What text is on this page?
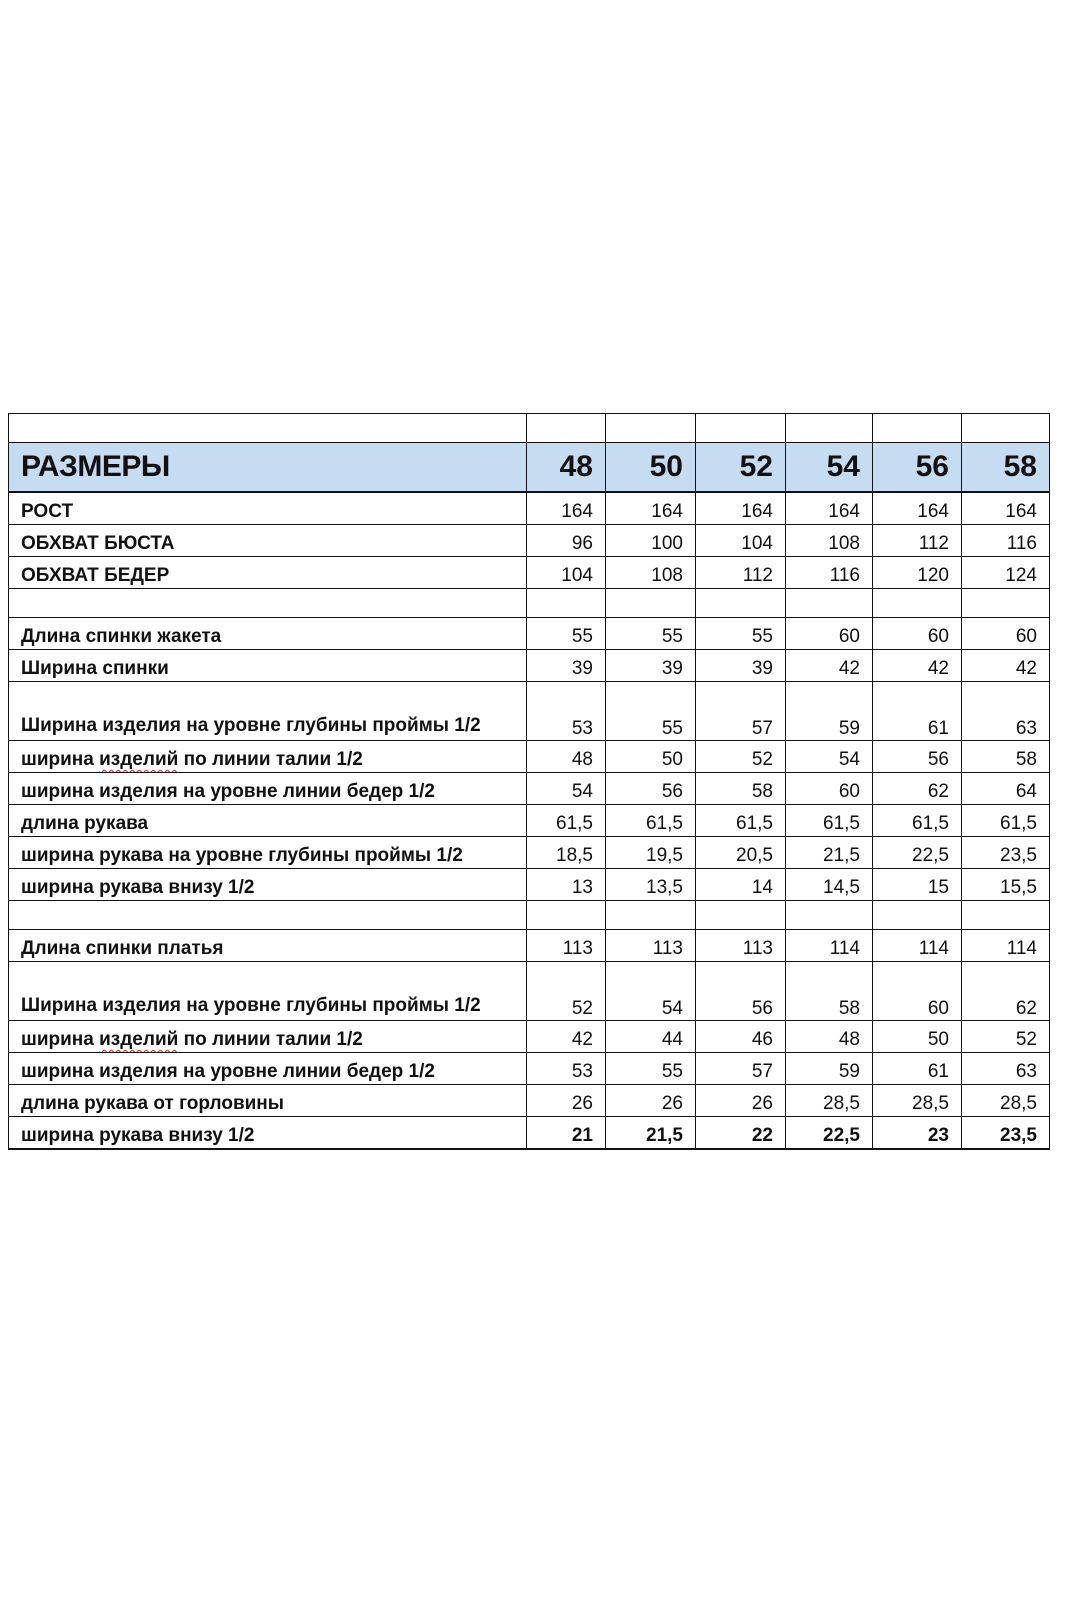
РАЗМЕРЫ	48	50	52	54	56	58
РОСТ	164	164	164	164	164	164
ОБХВАТ БЮСТА	96	100	104	108	112	116
ОБХВАТ БЕДЕР	104	108	112	116	120	124

Длина спинки жакета	55	55	55	60	60	60
Ширина спинки	39	39	39	42	42	42
Ширина изделия на уровне глубины проймы 1/2	53	55	57	59	61	63
ширина изделий по линии талии 1/2	48	50	52	54	56	58
ширина изделия на уровне линии бедер 1/2	54	56	58	60	62	64
длина рукава	61,5	61,5	61,5	61,5	61,5	61,5
ширина рукава на уровне глубины проймы 1/2	18,5	19,5	20,5	21,5	22,5	23,5
ширина рукава внизу 1/2	13	13,5	14	14,5	15	15,5

Длина спинки платья	113	113	113	114	114	114
Ширина изделия на уровне глубины проймы 1/2	52	54	56	58	60	62
ширина изделий по линии талии 1/2	42	44	46	48	50	52
ширина изделия на уровне линии бедер 1/2	53	55	57	59	61	63
длина рукава от горловины	26	26	26	28,5	28,5	28,5
ширина рукава внизу 1/2	21	21,5	22	22,5	23	23,5
